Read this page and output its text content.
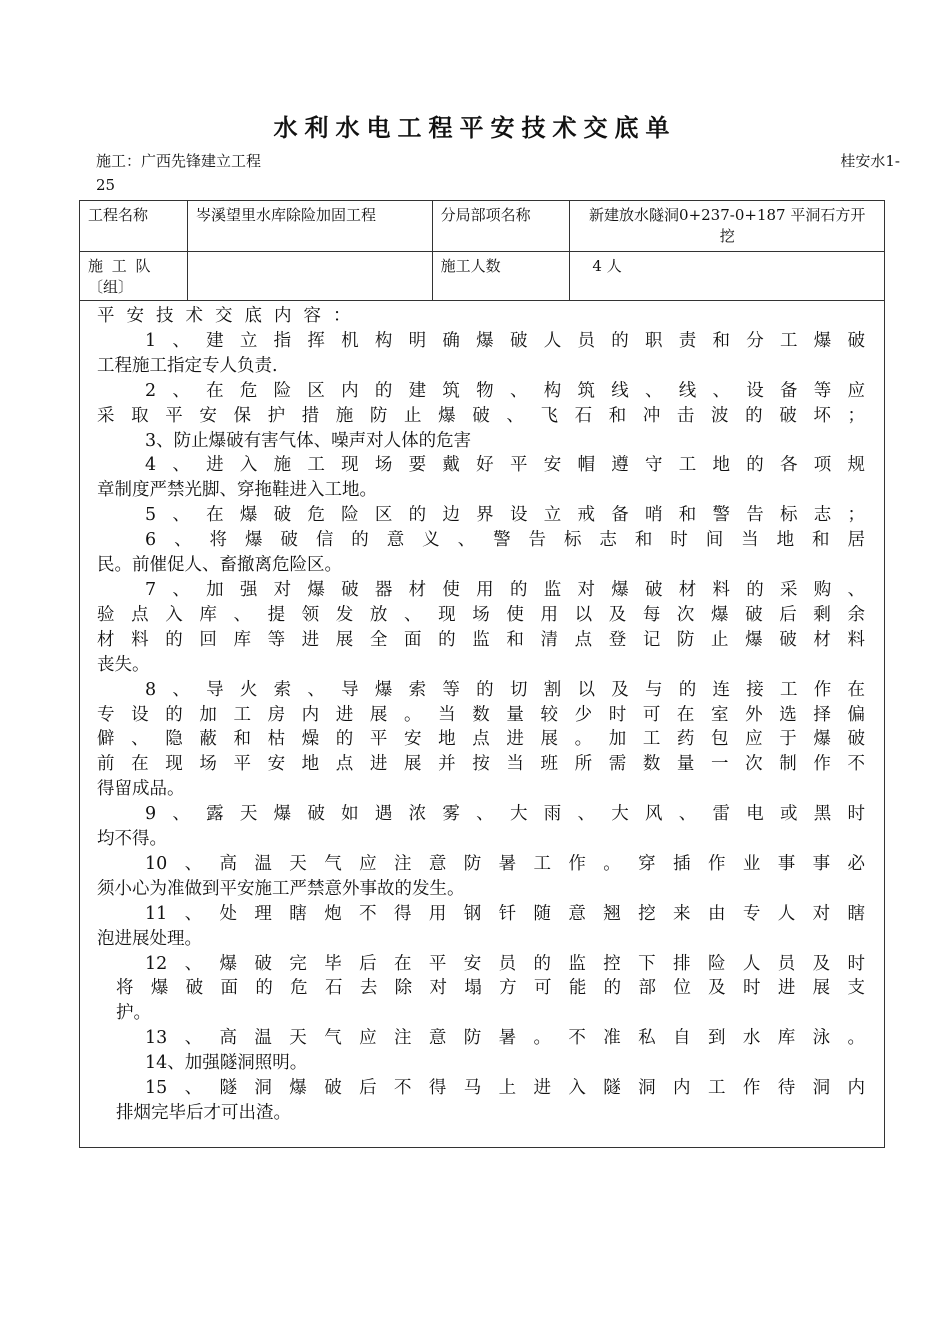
水利水电工程平安技术交底单
施工：广西先锋建立工程	桂安水1-
25
工程名称	岑溪望里水库除险加固工程	分局部项名称	新建放水隧洞0+237-0+187 平洞石方开
挖

施 工 队
〔组〕		施工人数	4 人

平安技术交底内容：

1、建立指挥机构明确爆破人员的职责和分工爆破

工程施工指定专人负责.

2、在危险区内的建筑物、构筑线、线、设备等应

采取平安保护措施防止爆破、飞石和冲击波的破坏；

3、防止爆破有害气体、噪声对人体的危害

4、进入施工现场要戴好平安帽遵守工地的各项规

章制度严禁光脚、穿拖鞋进入工地。

5、在爆破危险区的边界设立戒备哨和警告标志；

6、将爆破信的意义、警告标志和时间当地和居

民。前催促人、畜撤离危险区。

7、加强对爆破器材使用的监对爆破材料的采购、

验点入库、提领发放、现场使用以及每次爆破后剩余

材料的回库等进展全面的监和清点登记防止爆破材料

丧失。

8、导火索、导爆索等的切割以及与的连接工作在

专设的加工房内进展。当数量较少时可在室外选择偏

僻、隐蔽和枯燥的平安地点进展。加工药包应于爆破

前在现场平安地点进展并按当班所需数量一次制作不

得留成品。

9、露天爆破如遇浓雾、大雨、大风、雷电或黑时

均不得。

10、高温天气应注意防暑工作。穿插作业事事必

须小心为准做到平安施工严禁意外事故的发生。

11、处理瞎炮不得用钢钎随意翘挖来由专人对瞎

泡进展处理。

12、爆破完毕后在平安员的监控下排险人员及时

将爆破面的危石去除对塌方可能的部位及时进展支

护。

13、高温天气应注意防暑。不准私自到水库泳。

14、加强隧洞照明。

15、隧洞爆破后不得马上进入隧洞内工作待洞内

排烟完毕后才可出渣。
